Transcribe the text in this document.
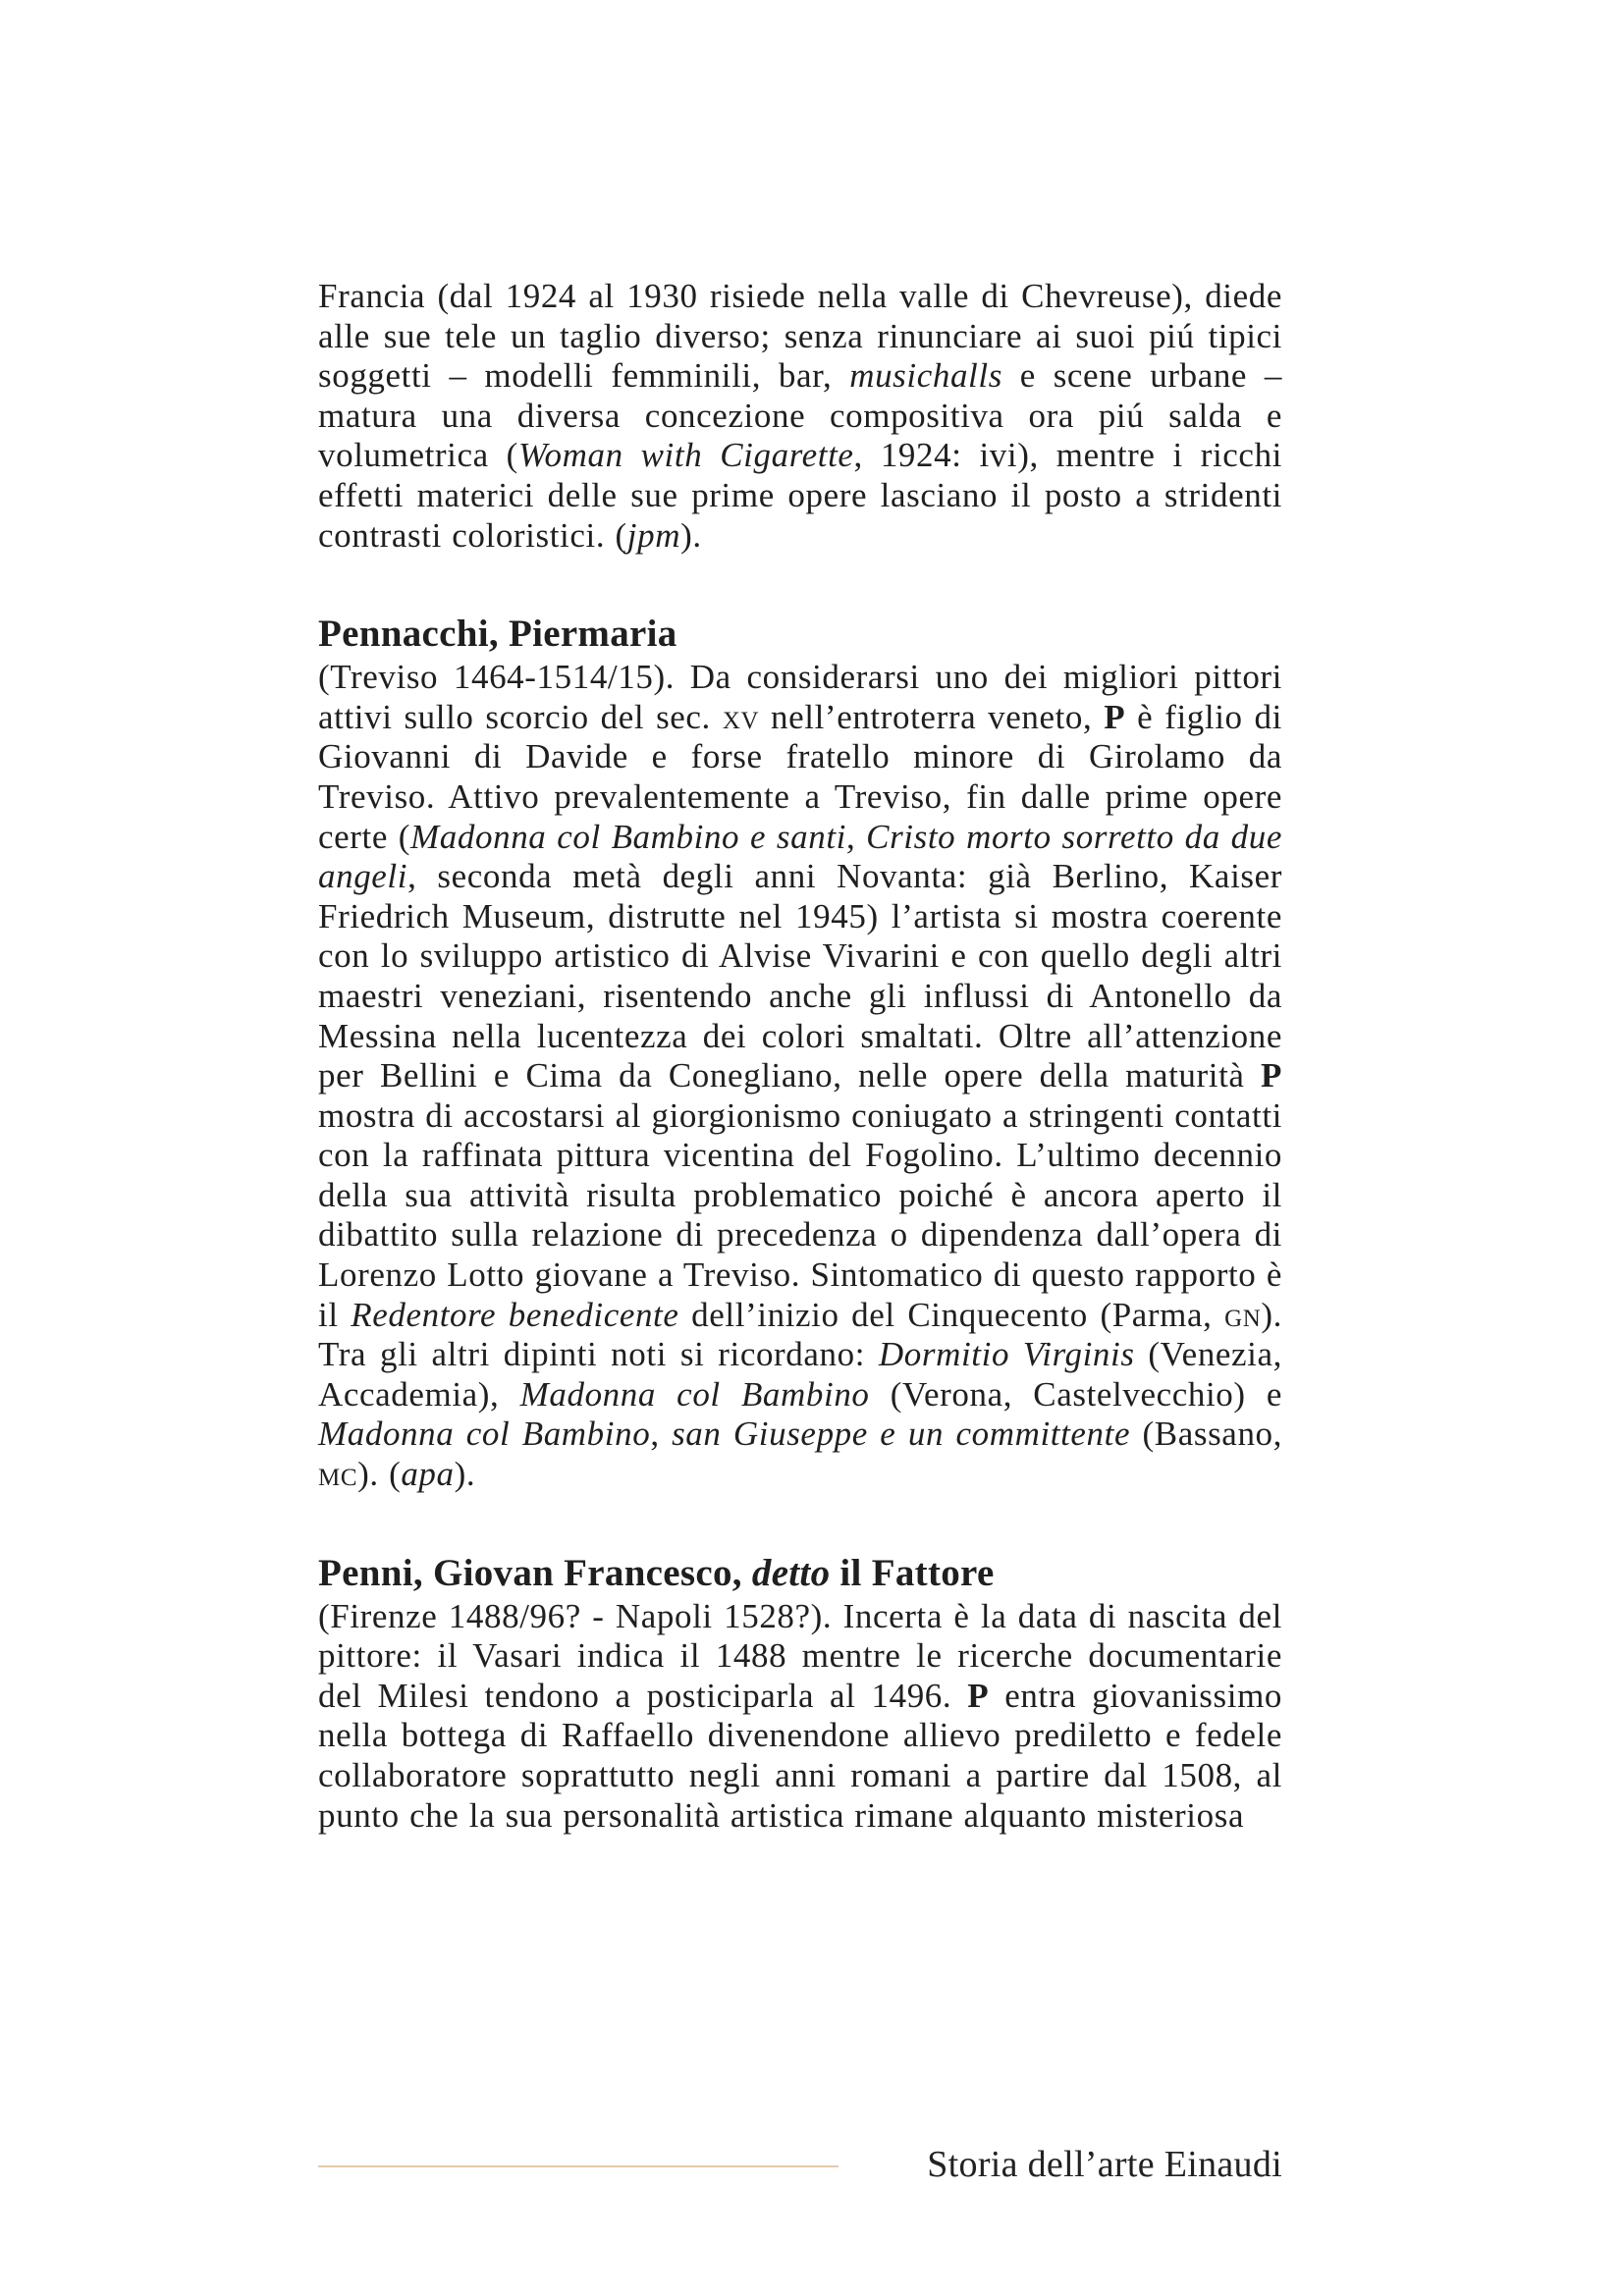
Francia (dal 1924 al 1930 risiede nella valle di Chevreuse), diede alle sue tele un taglio diverso; senza rinunciare ai suoi piú tipici soggetti – modelli femminili, bar, musichalls e scene urbane – matura una diversa concezione compositiva ora piú salda e volumetrica (Woman with Cigarette, 1924: ivi), mentre i ricchi effetti materici delle sue prime opere lasciano il posto a stridenti contrasti coloristici. (jpm).

Pennacchi, Piermaria

(Treviso 1464-1514/15). Da considerarsi uno dei migliori pittori attivi sullo scorcio del sec. xv nell’entroterra veneto, P è figlio di Giovanni di Davide e forse fratello minore di Girolamo da Treviso. Attivo prevalentemente a Treviso, fin dalle prime opere certe (Madonna col Bambino e santi, Cristo morto sorretto da due angeli, seconda metà degli anni Novanta: già Berlino, Kaiser Friedrich Museum, distrutte nel 1945) l’artista si mostra coerente con lo sviluppo artistico di Alvise Vivarini e con quello degli altri maestri veneziani, risentendo anche gli influssi di Antonello da Messina nella lucentezza dei colori smaltati. Oltre all’attenzione per Bellini e Cima da Conegliano, nelle opere della maturità P mostra di accostarsi al giorgionismo coniugato a stringenti contatti con la raffinata pittura vicentina del Fogolino. L’ultimo decennio della sua attività risulta problematico poiché è ancora aperto il dibattito sulla relazione di precedenza o dipendenza dall’opera di Lorenzo Lotto giovane a Treviso. Sintomatico di questo rapporto è il Redentore benedicente dell’inizio del Cinquecento (Parma, gn). Tra gli altri dipinti noti si ricordano: Dormitio Virginis (Venezia, Accademia), Madonna col Bambino (Verona, Castelvecchio) e Madonna col Bambino, san Giuseppe e un committente (Bassano, mc). (apa).

Penni, Giovan Francesco, detto il Fattore

(Firenze 1488/96? - Napoli 1528?). Incerta è la data di nascita del pittore: il Vasari indica il 1488 mentre le ricerche documentarie del Milesi tendono a posticiparla al 1496. P entra giovanissimo nella bottega di Raffaello divenendone allievo prediletto e fedele collaboratore soprattutto negli anni romani a partire dal 1508, al punto che la sua personalità artistica rimane alquanto misteriosa

Storia dell’arte Einaudi
